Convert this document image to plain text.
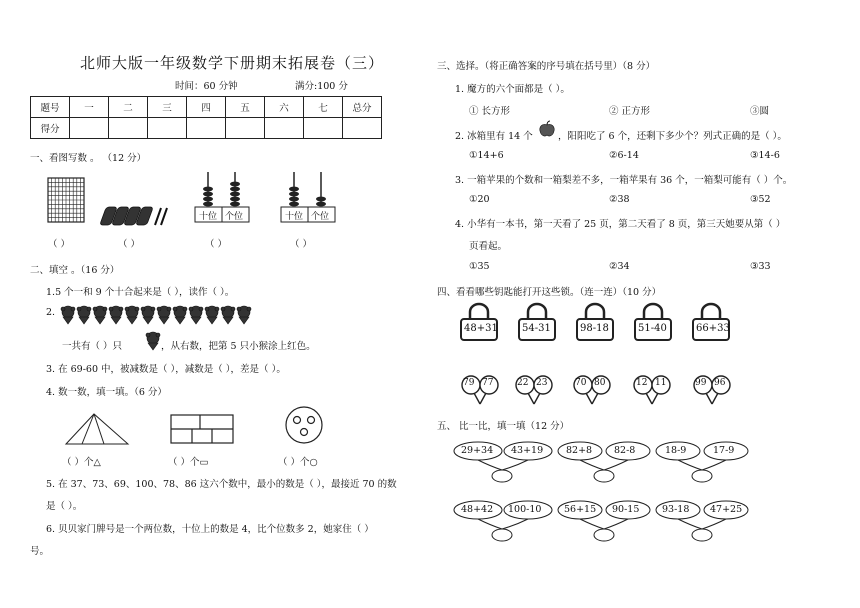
北师大版一年级数学下册期末拓展卷（三）
时间：60 分钟	满分:100 分
题号	一	二	三	四	五	六	七	总分
得分								
一、看图写数 。 （12 分）
十位 个位	十位 个位
（ ）	（ ）	（ ）	（ ）
二、填空 。（16 分）
1.5 个一和 9 个十合起来是（ ），读作（ ）。
2.
一共有（ ）只	，从右数，把第 5 只小猴涂上红色。
3. 在 69-60 中，被减数是（ ），减数是（ ），差是（ ）。
4. 数一数，填一填。（6 分）
（ ）个△	（ ）个▭	（ ）个○
5. 在 37、73、69、100、78、86 这六个数中，最小的数是（ ），最接近 70 的数
是（ ）。
6. 贝贝家门牌号是一个两位数，十位上的数是 4，比个位数多 2，她家住（ ）
号。
三、选择。（将正确答案的序号填在括号里）（8 分）
1. 魔方的六个面都是（ ）。
① 长方形	② 正方形	③圆
2. 冰箱里有 14 个	，阳阳吃了 6 个，还剩下多少个？列式正确的是（ ）。
①14+6	②6-14	③14-6
3. 一箱苹果的个数和一箱梨差不多，一箱苹果有 36 个，一箱梨可能有（ ）个。
①20	②38	③52
4. 小华有一本书，第一天看了 25 页，第二天看了 8 页，第三天她要从第（ ）
页看起。
①35	②34	③33
四、看看哪些钥匙能打开这些锁。（连一连）（10 分）
48+31 54-31	98-18	51-40	66+33
79 77	22 23	70 80	12 11	99 96
五、 比一比，填一填（12 分）
29+34 43+19 82+8 82-8	18-9	17-9
48+42 100-10 56+15 90-15 93-18 47+25
